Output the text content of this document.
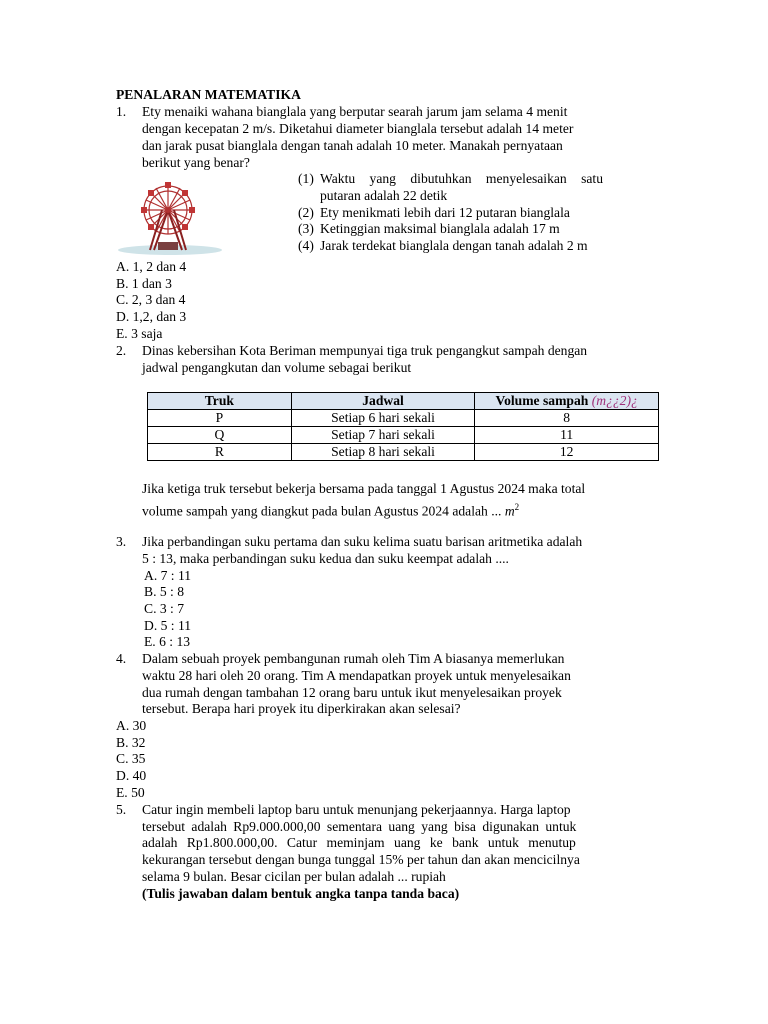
PENALARAN MATEMATIKA
1. Ety menaiki wahana bianglala yang berputar searah jarum jam selama 4 menit
dengan kecepatan 2 m/s. Diketahui diameter bianglala tersebut adalah 14 meter
dan jarak pusat bianglala dengan tanah adalah 10 meter. Manakah pernyataan
berikut yang benar?
(1) Waktu yang dibutuhkan menyelesaikan satu
putaran adalah 22 detik
(2) Ety menikmati lebih dari 12 putaran bianglala
(3) Ketinggian maksimal bianglala adalah 17 m
(4) Jarak terdekat bianglala dengan tanah adalah 2 m
A. 1, 2 dan 4
B. 1 dan 3
C. 2, 3 dan 4
D. 1,2, dan 3
E. 3 saja
2. Dinas kebersihan Kota Beriman mempunyai tiga truk pengangkut sampah dengan
jadwal pengangkutan dan volume sebagai berikut
Truk	Jadwal	Volume sampah (m¿¿2)¿
P	Setiap 6 hari sekali	8
Q	Setiap 7 hari sekali	11
R	Setiap 8 hari sekali	12
Jika ketiga truk tersebut bekerja bersama pada tanggal 1 Agustus 2024 maka total
volume sampah yang diangkut pada bulan Agustus 2024 adalah ... $m^2$
3. Jika perbandingan suku pertama dan suku kelima suatu barisan aritmetika adalah
5 : 13, maka perbandingan suku kedua dan suku keempat adalah ....
A. 7 : 11
B. 5 : 8
C. 3 : 7
D. 5 : 11
E. 6 : 13
4. Dalam sebuah proyek pembangunan rumah oleh Tim A biasanya memerlukan
waktu 28 hari oleh 20 orang. Tim A mendapatkan proyek untuk menyelesaikan
dua rumah dengan tambahan 12 orang baru untuk ikut menyelesaikan proyek
tersebut. Berapa hari proyek itu diperkirakan akan selesai?
A. 30
B. 32
C. 35
D. 40
E. 50
5. Catur ingin membeli laptop baru untuk menunjang pekerjaannya. Harga laptop
tersebut adalah Rp9.000.000,00 sementara uang yang bisa digunakan untuk
adalah Rp1.800.000,00. Catur meminjam uang ke bank untuk menutup
kekurangan tersebut dengan bunga tunggal 15% per tahun dan akan mencicilnya
selama 9 bulan. Besar cicilan per bulan adalah ... rupiah
(Tulis jawaban dalam bentuk angka tanpa tanda baca)
